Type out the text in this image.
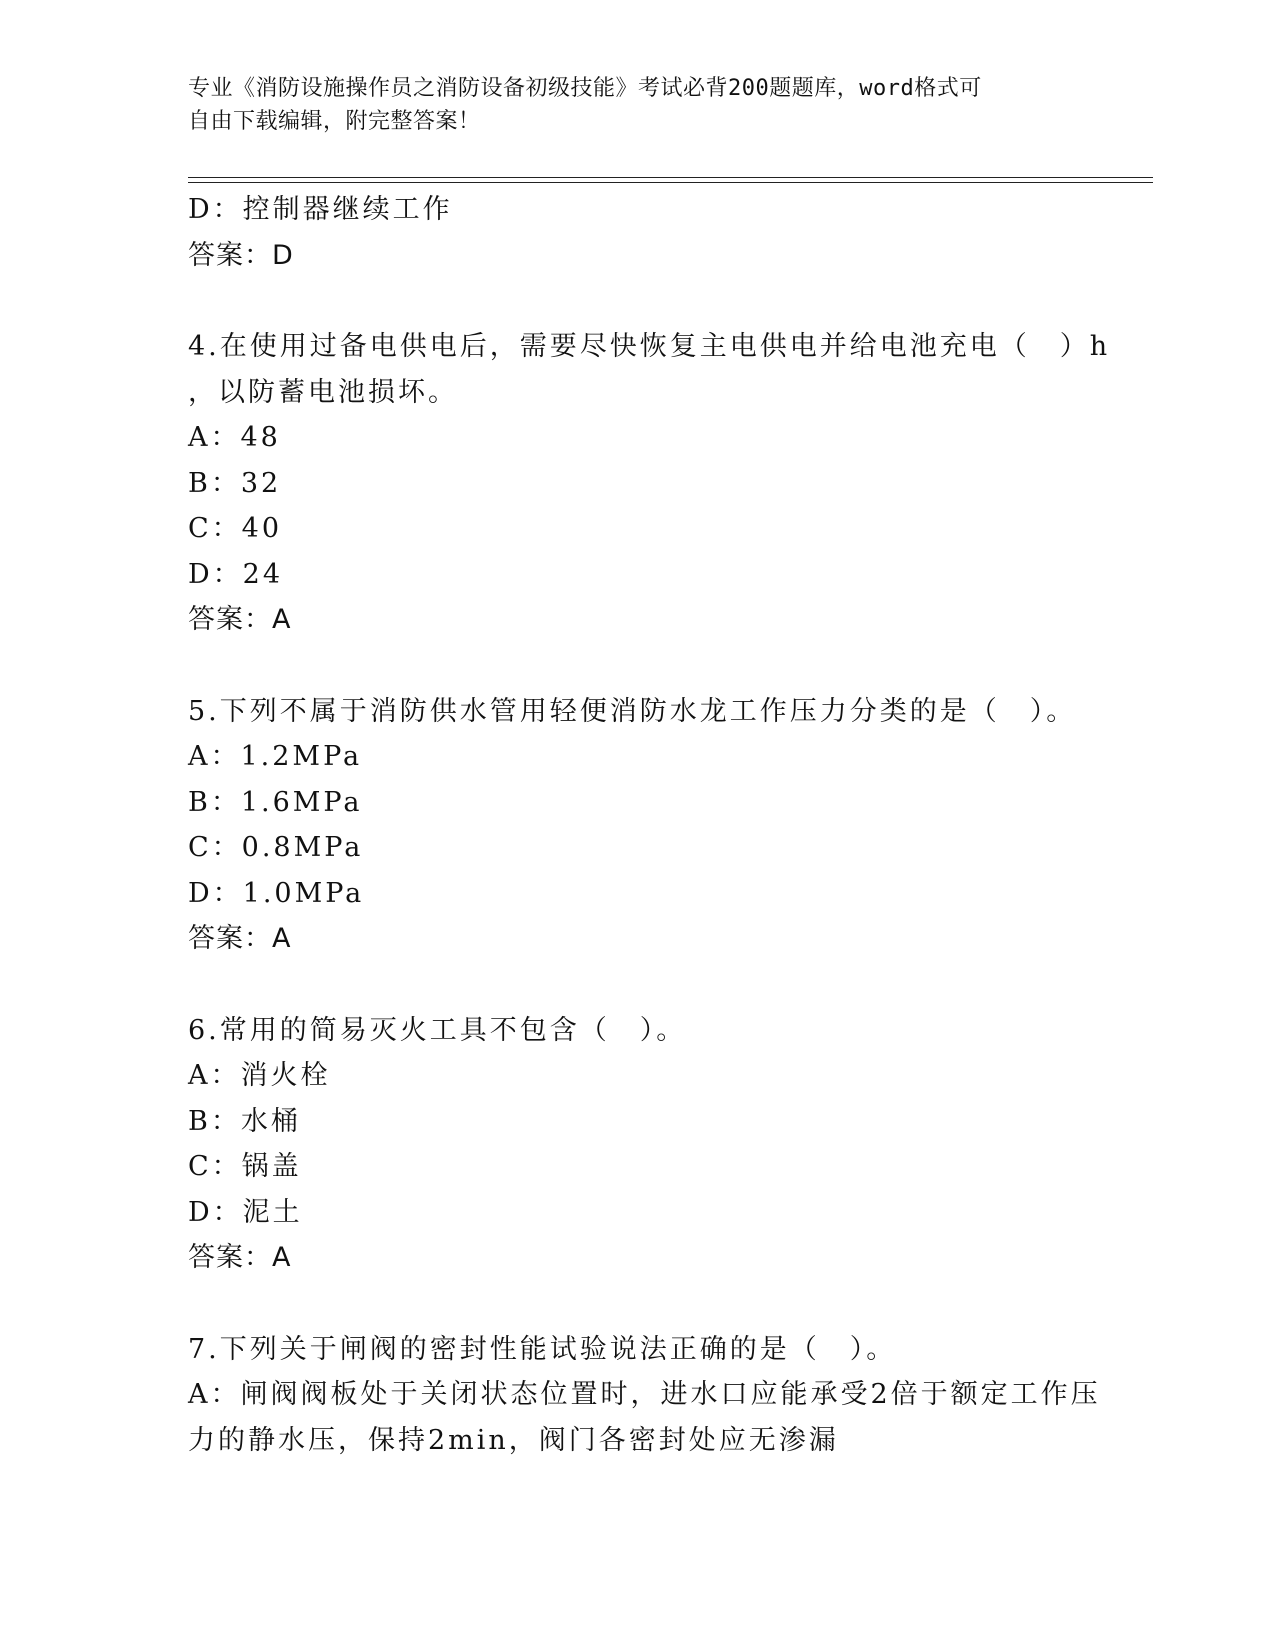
专业《消防设施操作员之消防设备初级技能》考试必背200题题库，word格式可
自由下载编辑，附完整答案！
D：控制器继续工作
答案：D
4.在使用过备电供电后，需要尽快恢复主电供电并给电池充电（　）h
，以防蓄电池损坏。
A：48
B：32
C：40
D：24
答案：A
5.下列不属于消防供水管用轻便消防水龙工作压力分类的是（　）。
A：1.2MPa
B：1.6MPa
C：0.8MPa
D：1.0MPa
答案：A
6.常用的简易灭火工具不包含（　）。
A：消火栓
B：水桶
C：锅盖
D：泥土
答案：A
7.下列关于闸阀的密封性能试验说法正确的是（　）。
A：闸阀阀板处于关闭状态位置时，进水口应能承受2倍于额定工作压
力的静水压，保持2min，阀门各密封处应无渗漏
